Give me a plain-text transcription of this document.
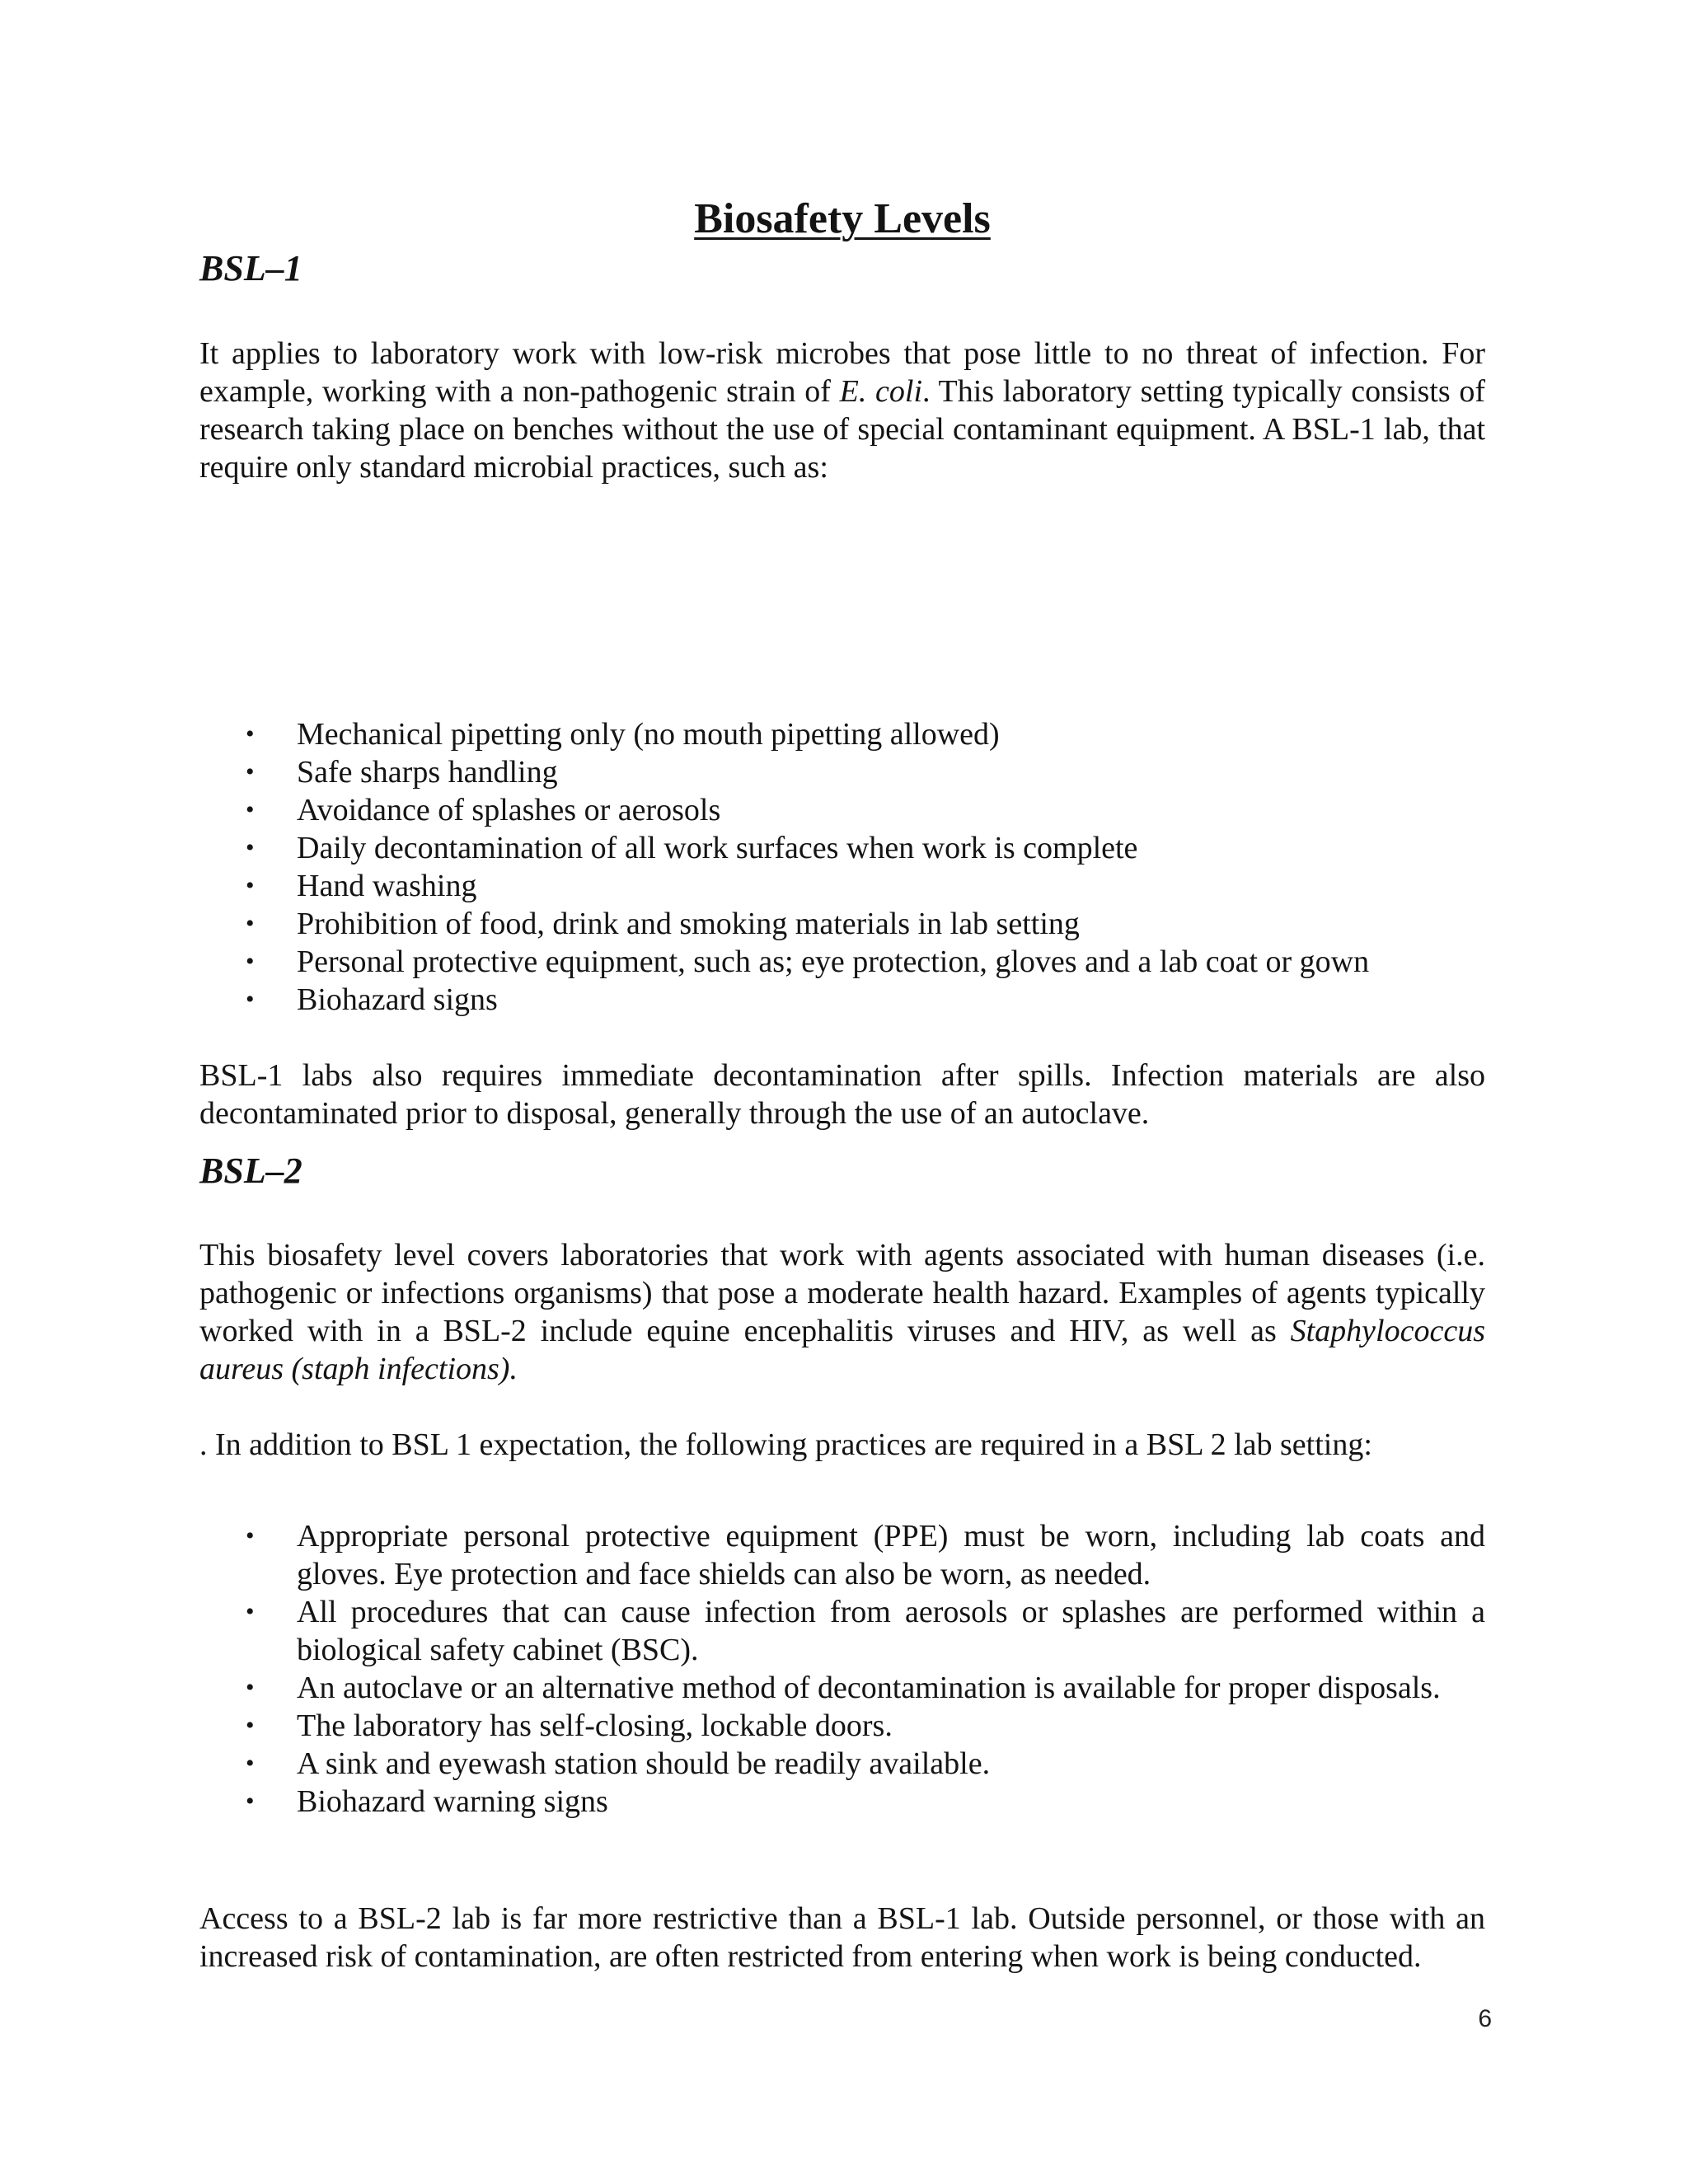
Biosafety Levels
BSL–1

It applies to laboratory work with low-risk microbes that pose little to no threat of infection. For example, working with a non-pathogenic strain of E. coli. This laboratory setting typically consists of research taking place on benches without the use of special contaminant equipment. A BSL-1 lab, that require only standard microbial practices, such as:

• Mechanical pipetting only (no mouth pipetting allowed)
• Safe sharps handling
• Avoidance of splashes or aerosols
• Daily decontamination of all work surfaces when work is complete
• Hand washing
• Prohibition of food, drink and smoking materials in lab setting
• Personal protective equipment, such as; eye protection, gloves and a lab coat or gown
• Biohazard signs

BSL-1 labs also requires immediate decontamination after spills. Infection materials are also decontaminated prior to disposal, generally through the use of an autoclave.

BSL–2

This biosafety level covers laboratories that work with agents associated with human diseases (i.e. pathogenic or infections organisms) that pose a moderate health hazard. Examples of agents typically worked with in a BSL-2 include equine encephalitis viruses and HIV, as well as Staphylococcus aureus (staph infections).

. In addition to BSL 1 expectation, the following practices are required in a BSL 2 lab setting:

• Appropriate personal protective equipment (PPE) must be worn, including lab coats and gloves. Eye protection and face shields can also be worn, as needed.
• All procedures that can cause infection from aerosols or splashes are performed within a biological safety cabinet (BSC).
• An autoclave or an alternative method of decontamination is available for proper disposals.
• The laboratory has self-closing, lockable doors.
• A sink and eyewash station should be readily available.
• Biohazard warning signs

Access to a BSL-2 lab is far more restrictive than a BSL-1 lab. Outside personnel, or those with an increased risk of contamination, are often restricted from entering when work is being conducted.

6
